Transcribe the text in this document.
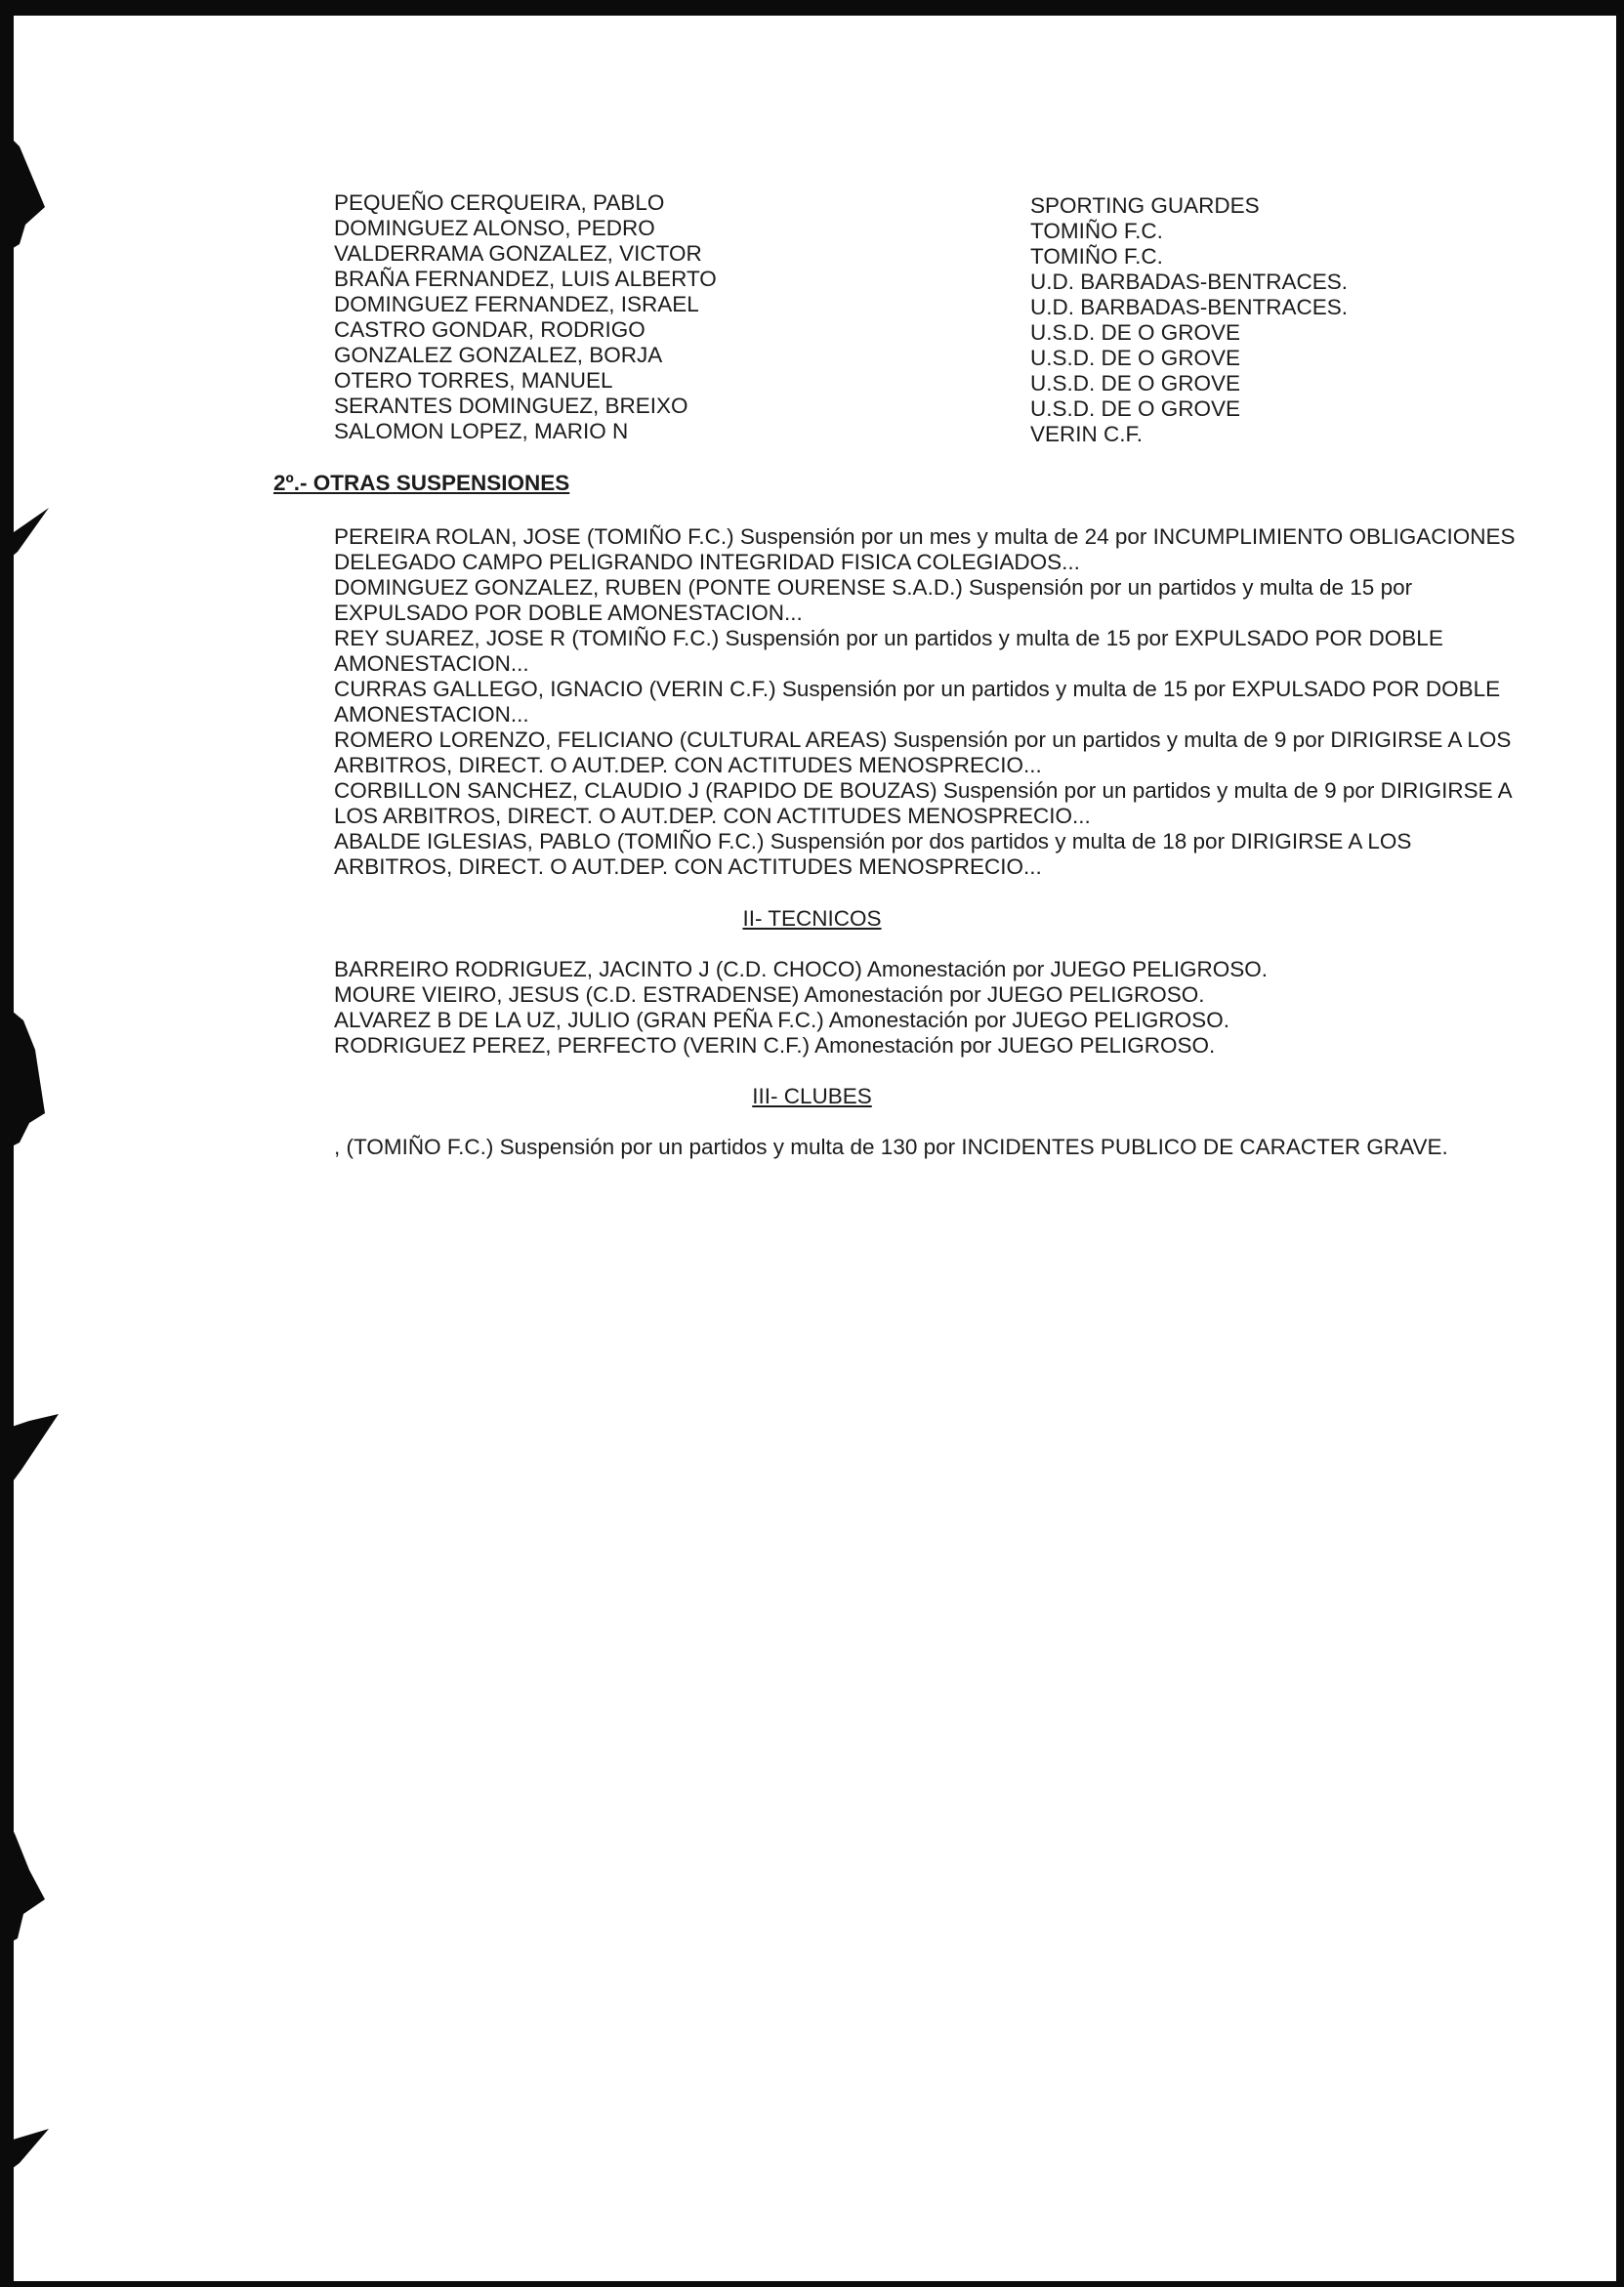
PEQUEÑO CERQUEIRA, PABLO	SPORTING GUARDES
DOMINGUEZ ALONSO, PEDRO	TOMIÑO F.C.
VALDERRAMA GONZALEZ, VICTOR	TOMIÑO F.C.
BRAÑA FERNANDEZ, LUIS ALBERTO	U.D. BARBADAS-BENTRACES.
DOMINGUEZ FERNANDEZ, ISRAEL	U.D. BARBADAS-BENTRACES.
CASTRO GONDAR, RODRIGO	U.S.D. DE O GROVE
GONZALEZ GONZALEZ, BORJA	U.S.D. DE O GROVE
OTERO TORRES, MANUEL	U.S.D. DE O GROVE
SERANTES DOMINGUEZ, BREIXO	U.S.D. DE O GROVE
SALOMON LOPEZ, MARIO N	VERIN C.F.
2º.- OTRAS SUSPENSIONES

PEREIRA ROLAN, JOSE (TOMIÑO F.C.) Suspensión por un mes y multa de 24 por INCUMPLIMIENTO OBLIGACIONES DELEGADO CAMPO PELIGRANDO INTEGRIDAD FISICA COLEGIADOS...

DOMINGUEZ GONZALEZ, RUBEN (PONTE OURENSE S.A.D.) Suspensión por un partidos y multa de 15 por EXPULSADO POR DOBLE AMONESTACION...

REY SUAREZ, JOSE R (TOMIÑO F.C.) Suspensión por un partidos y multa de 15 por EXPULSADO POR DOBLE AMONESTACION...

CURRAS GALLEGO, IGNACIO (VERIN C.F.) Suspensión por un partidos y multa de 15 por EXPULSADO POR DOBLE AMONESTACION...

ROMERO LORENZO, FELICIANO (CULTURAL AREAS) Suspensión por un partidos y multa de 9 por DIRIGIRSE A LOS ARBITROS, DIRECT. O AUT.DEP. CON ACTITUDES MENOSPRECIO...

CORBILLON SANCHEZ, CLAUDIO J (RAPIDO DE BOUZAS) Suspensión por un partidos y multa de 9 por DIRIGIRSE A LOS ARBITROS, DIRECT. O AUT.DEP. CON ACTITUDES MENOSPRECIO...

ABALDE IGLESIAS, PABLO (TOMIÑO F.C.) Suspensión por dos partidos y multa de 18 por DIRIGIRSE A LOS ARBITROS, DIRECT. O AUT.DEP. CON ACTITUDES MENOSPRECIO...

II- TECNICOS

BARREIRO RODRIGUEZ, JACINTO J (C.D. CHOCO) Amonestación por JUEGO PELIGROSO.

MOURE VIEIRO, JESUS (C.D. ESTRADENSE) Amonestación por JUEGO PELIGROSO.

ALVAREZ B DE LA UZ, JULIO (GRAN PEÑA F.C.) Amonestación por JUEGO PELIGROSO.

RODRIGUEZ PEREZ, PERFECTO (VERIN C.F.) Amonestación por JUEGO PELIGROSO.

III- CLUBES

, (TOMIÑO F.C.) Suspensión por un partidos y multa de 130 por INCIDENTES PUBLICO DE CARACTER GRAVE.
